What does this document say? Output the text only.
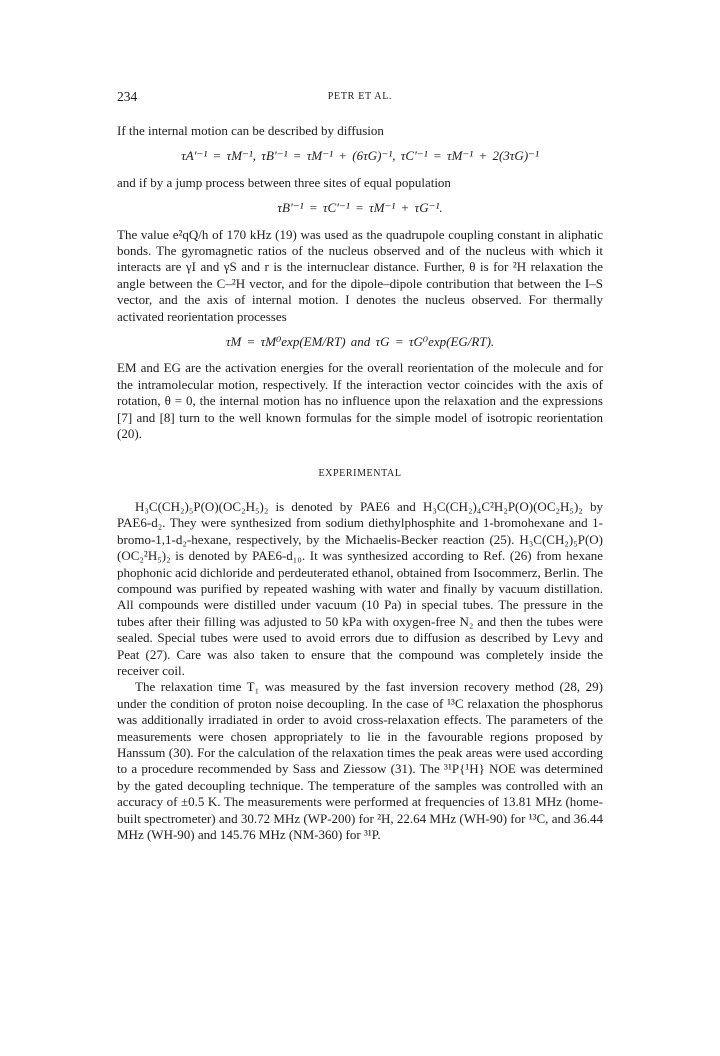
234	PETR ET AL.

If the internal motion can be described by diffusion

τA′⁻¹ = τM⁻¹, τB′⁻¹ = τM⁻¹ + (6τG)⁻¹, τC′⁻¹ = τM⁻¹ + 2(3τG)⁻¹

and if by a jump process between three sites of equal population

τB′⁻¹ = τC′⁻¹ = τM⁻¹ + τG⁻¹.

The value e²qQ/h of 170 kHz (19) was used as the quadrupole coupling constant in aliphatic bonds. The gyromagnetic ratios of the nucleus observed and of the nucleus with which it interacts are γI and γS and r is the internuclear distance. Further, θ is for ²H relaxation the angle between the C–²H vector, and for the dipole–dipole contribution that between the I–S vector, and the axis of internal motion. I denotes the nucleus observed. For thermally activated reorientation processes

τM = τM⁰exp(EM/RT) and τG = τG⁰exp(EG/RT).

EM and EG are the activation energies for the overall reorientation of the molecule and for the intramolecular motion, respectively. If the interaction vector coincides with the axis of rotation, θ = 0, the internal motion has no influence upon the relaxation and the expressions [7] and [8] turn to the well known formulas for the simple model of isotropic reorientation (20).

EXPERIMENTAL

H₃C(CH₂)₅P(O)(OC₂H₅)₂ is denoted by PAE6 and H₃C(CH₂)₄C²H₂P(O)(OC₂H₅)₂ by PAE6-d₂. They were synthesized from sodium diethylphosphite and 1-bromohexane and 1-bromo-1,1-d₂-hexane, respectively, by the Michaelis-Becker reaction (25). H₃C(CH₂)₅P(O)(OC₂²H₅)₂ is denoted by PAE6-d₁₀. It was synthesized according to Ref. (26) from hexane phophonic acid dichloride and perdeuterated ethanol, obtained from Isocommerz, Berlin. The compound was purified by repeated washing with water and finally by vacuum distillation. All compounds were distilled under vacuum (10 Pa) in special tubes. The pressure in the tubes after their filling was adjusted to 50 kPa with oxygen-free N₂ and then the tubes were sealed. Special tubes were used to avoid errors due to diffusion as described by Levy and Peat (27). Care was also taken to ensure that the compound was completely inside the receiver coil.

The relaxation time T₁ was measured by the fast inversion recovery method (28, 29) under the condition of proton noise decoupling. In the case of ¹³C relaxation the phosphorus was additionally irradiated in order to avoid cross-relaxation effects. The parameters of the measurements were chosen appropriately to lie in the favourable regions proposed by Hanssum (30). For the calculation of the relaxation times the peak areas were used according to a procedure recommended by Sass and Ziessow (31). The ³¹P{¹H} NOE was determined by the gated decoupling technique. The temperature of the samples was controlled with an accuracy of ±0.5 K. The measurements were performed at frequencies of 13.81 MHz (home-built spectrometer) and 30.72 MHz (WP-200) for ²H, 22.64 MHz (WH-90) for ¹³C, and 36.44 MHz (WH-90) and 145.76 MHz (NM-360) for ³¹P.
